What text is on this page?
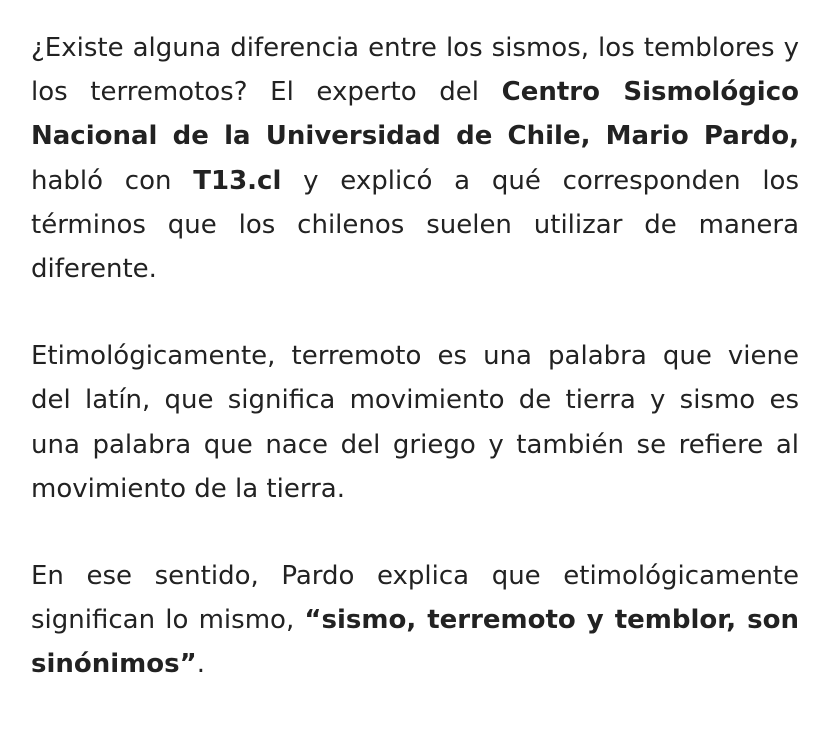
¿Existe alguna diferencia entre los sismos, los temblores y los terremotos? El experto del Centro Sismológico Nacional de la Universidad de Chile, Mario Pardo, habló con T13.cl y explicó a qué corresponden los términos que los chilenos suelen utilizar de manera diferente.

Etimológicamente, terremoto es una palabra que viene del latín, que significa movimiento de tierra y sismo es una palabra que nace del griego y también se refiere al movimiento de la tierra.

En ese sentido, Pardo explica que etimológicamente significan lo mismo, “sismo, terremoto y temblor, son sinónimos”.
